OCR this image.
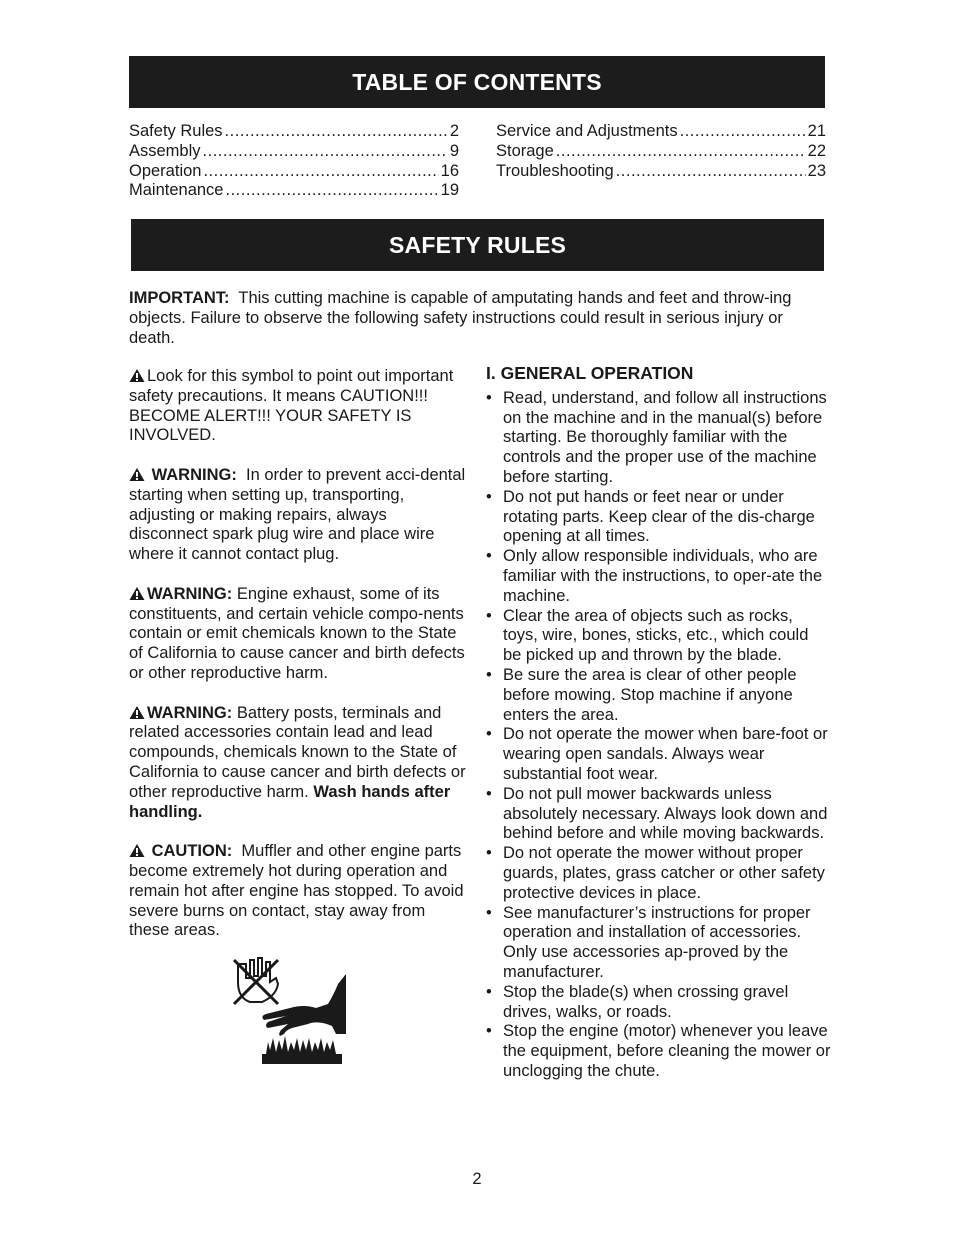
TABLE OF CONTENTS
Safety Rules .....	2
Assembly .....	9
Operation .....	16
Maintenance .....	19
Service and Adjustments .....	21
Storage .....	22
Troubleshooting .....	23
SAFETY RULES
IMPORTANT: This cutting machine is capable of amputating hands and feet and throw-ing objects. Failure to observe the following safety instructions could result in serious injury or death.

Look for this symbol to point out important safety precautions. It means CAUTION!!! BECOME ALERT!!! YOUR SAFETY IS INVOLVED.

WARNING: In order to prevent acci-dental starting when setting up, transporting, adjusting or making repairs, always disconnect spark plug wire and place wire where it cannot contact plug.

WARNING: Engine exhaust, some of its constituents, and certain vehicle compo-nents contain or emit chemicals known to the State of California to cause cancer and birth defects or other reproductive harm.

WARNING: Battery posts, terminals and related accessories contain lead and lead compounds, chemicals known to the State of California to cause cancer and birth defects or other reproductive harm. Wash hands after handling.

CAUTION: Muffler and other engine parts become extremely hot during operation and remain hot after engine has stopped. To avoid severe burns on contact, stay away from these areas.

I. GENERAL OPERATION
• Read, understand, and follow all instructions on the machine and in the manual(s) before starting. Be thoroughly familiar with the controls and the proper use of the machine before starting.
• Do not put hands or feet near or under rotating parts. Keep clear of the dis-charge opening at all times.
• Only allow responsible individuals, who are familiar with the instructions, to oper-ate the machine.
• Clear the area of objects such as rocks, toys, wire, bones, sticks, etc., which could be picked up and thrown by the blade.
• Be sure the area is clear of other people before mowing. Stop machine if anyone enters the area.
• Do not operate the mower when bare-foot or wearing open sandals. Always wear substantial foot wear.
• Do not pull mower backwards unless absolutely necessary. Always look down and behind before and while moving backwards.
• Do not operate the mower without proper guards, plates, grass catcher or other safety protective devices in place.
• See manufacturer’s instructions for proper operation and installation of accessories. Only use accessories ap-proved by the manufacturer.
• Stop the blade(s) when crossing gravel drives, walks, or roads.
• Stop the engine (motor) whenever you leave the equipment, before cleaning the mower or unclogging the chute.
2
